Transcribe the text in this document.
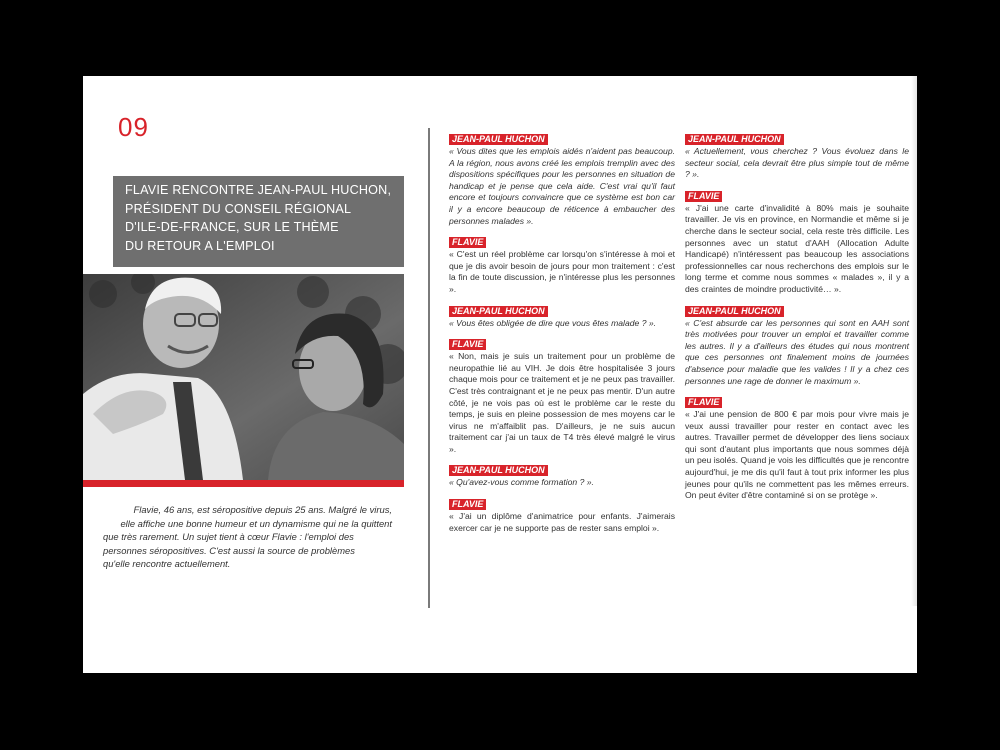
09
FLAVIE RENCONTRE JEAN-PAUL HUCHON,
PRÉSIDENT DU CONSEIL RÉGIONAL
D'ILE-DE-FRANCE, SUR LE THÈME
DU RETOUR A L'EMPLOI
Flavie, 46 ans, est séropositive depuis 25 ans. Malgré le virus,
elle affiche une bonne humeur et un dynamisme qui ne la quittent
que très rarement. Un sujet tient à cœur Flavie : l'emploi des
personnes séropositives. C'est aussi la source de problèmes
qu'elle rencontre actuellement.
JEAN-PAUL HUCHON
« Vous dites que les emplois aidés n'aident pas beaucoup. A la région, nous avons créé les emplois tremplin avec des dispositions spécifiques pour les personnes en situation de handicap et je pense que cela aide. C'est vrai qu'il faut encore et toujours convaincre que ce système est bon car il y a encore beaucoup de réticence à embaucher des personnes malades ».
FLAVIE
« C'est un réel problème car lorsqu'on s'intéresse à moi et que je dis avoir besoin de jours pour mon traitement : c'est la fin de toute discussion, je n'intéresse plus les personnes ».
JEAN-PAUL HUCHON
« Vous êtes obligée de dire que vous êtes malade ? ».
FLAVIE
« Non, mais je suis un traitement pour un problème de neuropathie lié au VIH. Je dois être hospitalisée 3 jours chaque mois pour ce traitement et je ne peux pas travailler. C'est très contraignant et je ne peux pas mentir. D'un autre côté, je ne vois pas où est le problème car le reste du temps, je suis en pleine possession de mes moyens car le virus ne m'affaiblit pas. D'ailleurs, je ne suis aucun traitement car j'ai un taux de T4 très élevé malgré le virus ».
JEAN-PAUL HUCHON
« Qu'avez-vous comme formation ? ».
FLAVIE
« J'ai un diplôme d'animatrice pour enfants. J'aimerais exercer car je ne supporte pas de rester sans emploi ».
JEAN-PAUL HUCHON
« Actuellement, vous cherchez ? Vous évoluez dans le secteur social, cela devrait être plus simple tout de même ? ».
FLAVIE
« J'ai une carte d'invalidité à 80% mais je souhaite travailler. Je vis en province, en Normandie et même si je cherche dans le secteur social, cela reste très difficile. Les personnes avec un statut d'AAH (Allocation Adulte Handicapé) n'intéressent pas beaucoup les associations professionnelles car nous recherchons des emplois sur le long terme et comme nous sommes « malades », il y a des craintes de moindre productivité… ».
JEAN-PAUL HUCHON
« C'est absurde car les personnes qui sont en AAH sont très motivées pour trouver un emploi et travailler comme les autres. Il y a d'ailleurs des études qui nous montrent que ces personnes ont finalement moins de journées d'absence pour maladie que les valides ! Il y a chez ces personnes une rage de donner le maximum ».
FLAVIE
« J'ai une pension de 800 € par mois pour vivre mais je veux aussi travailler pour rester en contact avec les autres. Travailler permet de développer des liens sociaux qui sont d'autant plus importants que nous sommes déjà un peu isolés. Quand je vois les difficultés que je rencontre aujourd'hui, je me dis qu'il faut à tout prix informer les plus jeunes pour qu'ils ne commettent pas les mêmes erreurs. On peut éviter d'être contaminé si on se protège ».
